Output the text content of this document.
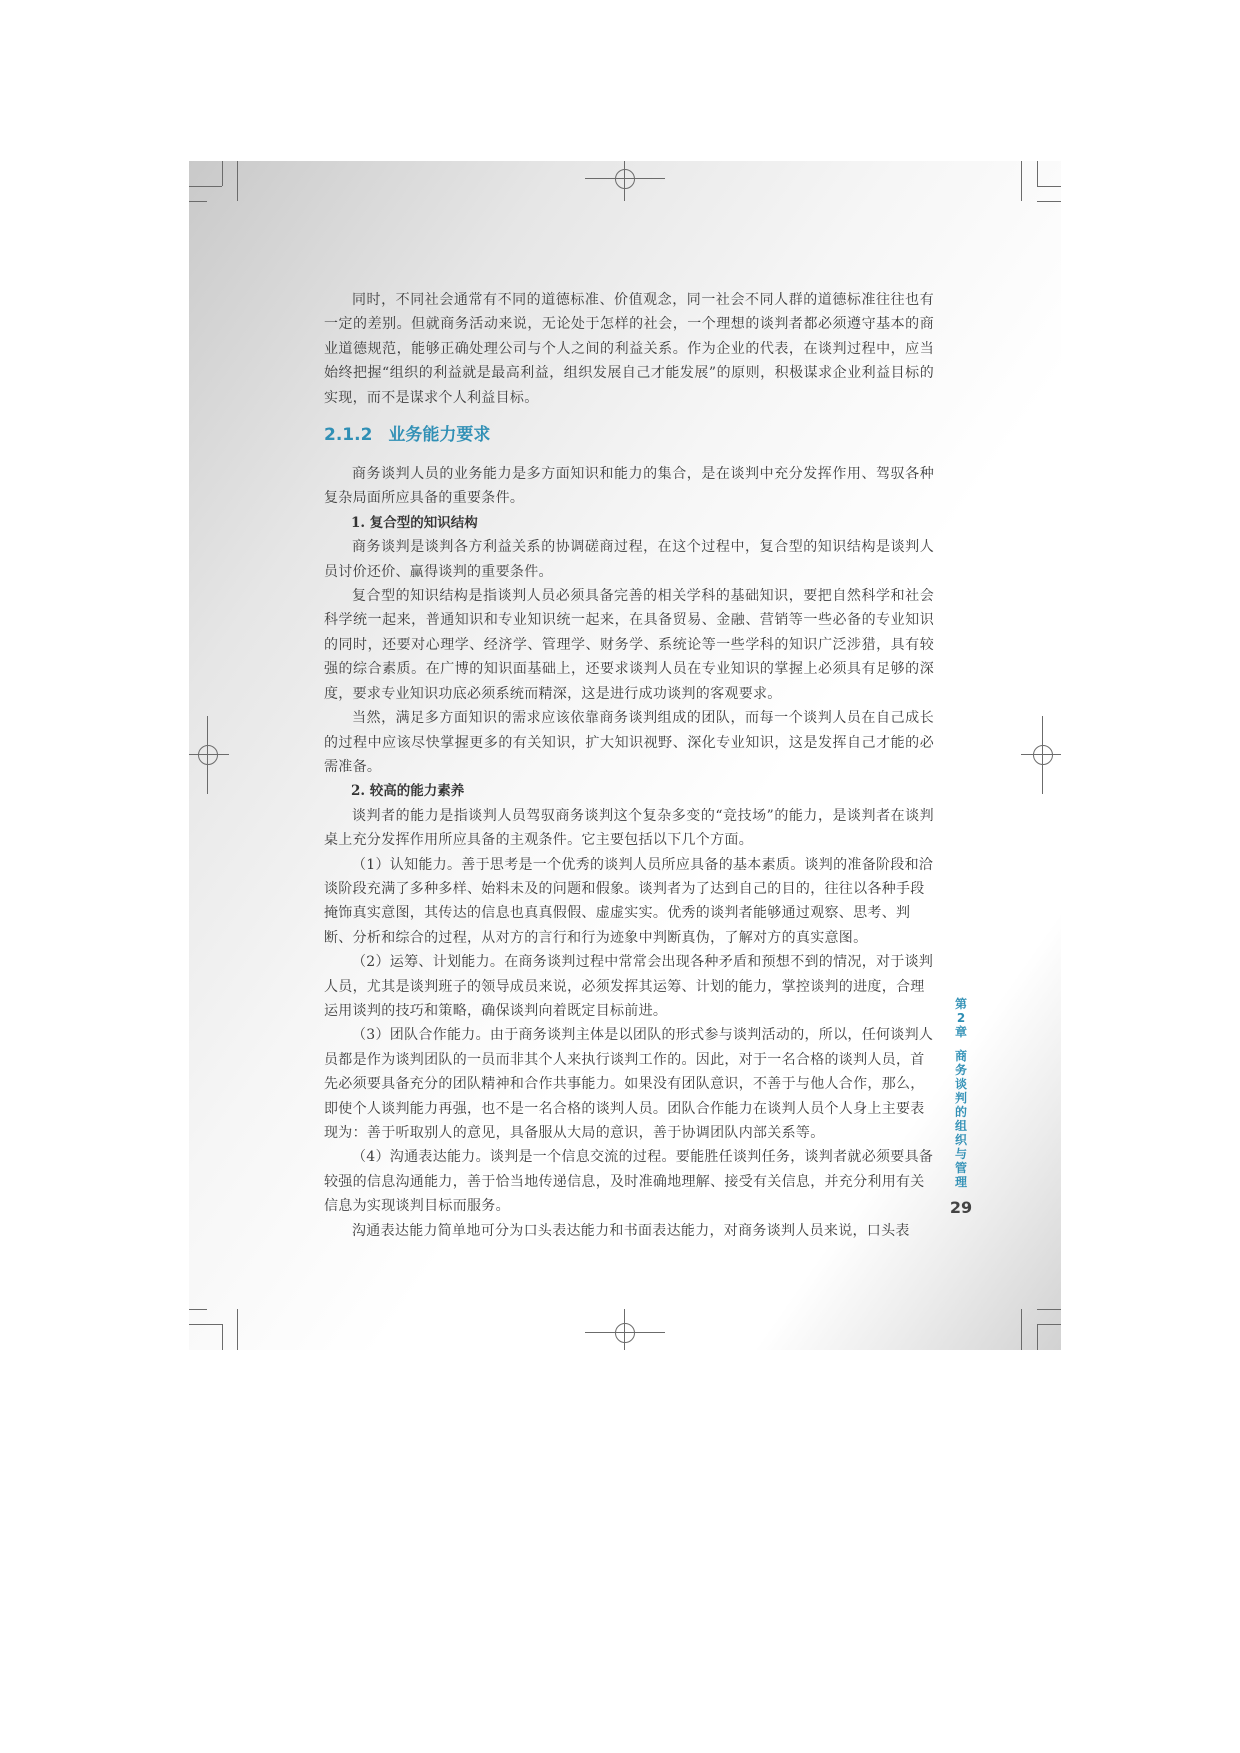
同时，不同社会通常有不同的道德标准、价值观念，同一社会不同人群的道德标准往往也有一定的差别。但就商务活动来说，无论处于怎样的社会，一个理想的谈判者都必须遵守基本的商业道德规范，能够正确处理公司与个人之间的利益关系。作为企业的代表，在谈判过程中，应当始终把握“组织的利益就是最高利益，组织发展自己才能发展”的原则，积极谋求企业利益目标的实现，而不是谋求个人利益目标。

2.1.2 业务能力要求

商务谈判人员的业务能力是多方面知识和能力的集合，是在谈判中充分发挥作用、驾驭各种复杂局面所应具备的重要条件。

1. 复合型的知识结构

商务谈判是谈判各方利益关系的协调磋商过程，在这个过程中，复合型的知识结构是谈判人员讨价还价、赢得谈判的重要条件。

复合型的知识结构是指谈判人员必须具备完善的相关学科的基础知识，要把自然科学和社会科学统一起来，普通知识和专业知识统一起来，在具备贸易、金融、营销等一些必备的专业知识的同时，还要对心理学、经济学、管理学、财务学、系统论等一些学科的知识广泛涉猎，具有较强的综合素质。在广博的知识面基础上，还要求谈判人员在专业知识的掌握上必须具有足够的深度，要求专业知识功底必须系统而精深，这是进行成功谈判的客观要求。

当然，满足多方面知识的需求应该依靠商务谈判组成的团队，而每一个谈判人员在自己成长的过程中应该尽快掌握更多的有关知识，扩大知识视野、深化专业知识，这是发挥自己才能的必需准备。

2. 较高的能力素养

谈判者的能力是指谈判人员驾驭商务谈判这个复杂多变的“竞技场”的能力，是谈判者在谈判桌上充分发挥作用所应具备的主观条件。它主要包括以下几个方面。

（1）认知能力。善于思考是一个优秀的谈判人员所应具备的基本素质。谈判的准备阶段和洽谈阶段充满了多种多样、始料未及的问题和假象。谈判者为了达到自己的目的，往往以各种手段掩饰真实意图，其传达的信息也真真假假、虚虚实实。优秀的谈判者能够通过观察、思考、判断、分析和综合的过程，从对方的言行和行为迹象中判断真伪，了解对方的真实意图。

（2）运筹、计划能力。在商务谈判过程中常常会出现各种矛盾和预想不到的情况，对于谈判人员，尤其是谈判班子的领导成员来说，必须发挥其运筹、计划的能力，掌控谈判的进度，合理运用谈判的技巧和策略，确保谈判向着既定目标前进。

（3）团队合作能力。由于商务谈判主体是以团队的形式参与谈判活动的，所以，任何谈判人员都是作为谈判团队的一员而非其个人来执行谈判工作的。因此，对于一名合格的谈判人员，首先必须要具备充分的团队精神和合作共事能力。如果没有团队意识，不善于与他人合作，那么，即使个人谈判能力再强，也不是一名合格的谈判人员。团队合作能力在谈判人员个人身上主要表现为：善于听取别人的意见，具备服从大局的意识，善于协调团队内部关系等。

（4）沟通表达能力。谈判是一个信息交流的过程。要能胜任谈判任务，谈判者就必须要具备较强的信息沟通能力，善于恰当地传递信息，及时准确地理解、接受有关信息，并充分利用有关信息为实现谈判目标而服务。

沟通表达能力简单地可分为口头表达能力和书面表达能力，对商务谈判人员来说，口头表

第
2
章
商
务
谈
判
的
组
织
与
管
理
29
